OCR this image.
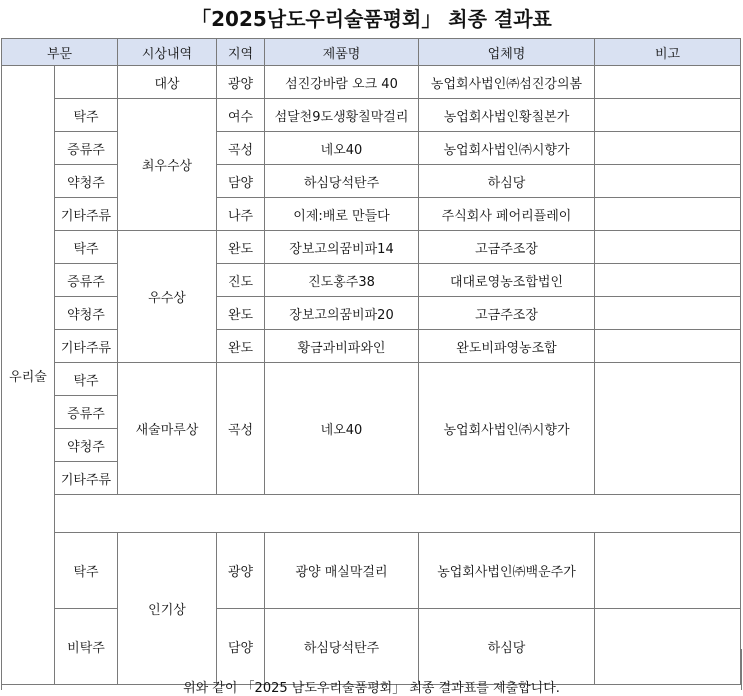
「2025남도우리술품평회」 최종 결과표
부문		시상내역	지역	제품명	업체명	비고
우리술		대상	광양	섬진강바람 오크 40	농업회사법인㈜섬진강의봄	
	탁주	최우수상	여수	섬달천9도생황칠막걸리	농업회사법인황칠본가	
	증류주		곡성	네오40	농업회사법인㈜시향가	
	약청주		담양	하심당석탄주	하심당	
	기타주류		나주	이제:배로 만들다	주식회사 페어리플레이	
	탁주	우수상	완도	장보고의꿈비파14	고금주조장	
	증류주		진도	진도홍주38	대대로영농조합법인	
	약청주		완도	장보고의꿈비파20	고금주조장	
	기타주류		완도	황금과비파와인	완도비파영농조합	
	탁주	새술마루상	곡성	네오40	농업회사법인㈜시향가	
	증류주					
	약청주					
	기타주류					

	탁주	인기상	광양	광양 매실막걸리	농업회사법인㈜백운주가	
	비탁주		담양	하심당석탄주	하심당	
위와 같이 「2025 남도우리술품평회」 최종 결과표를 제출합니다.
